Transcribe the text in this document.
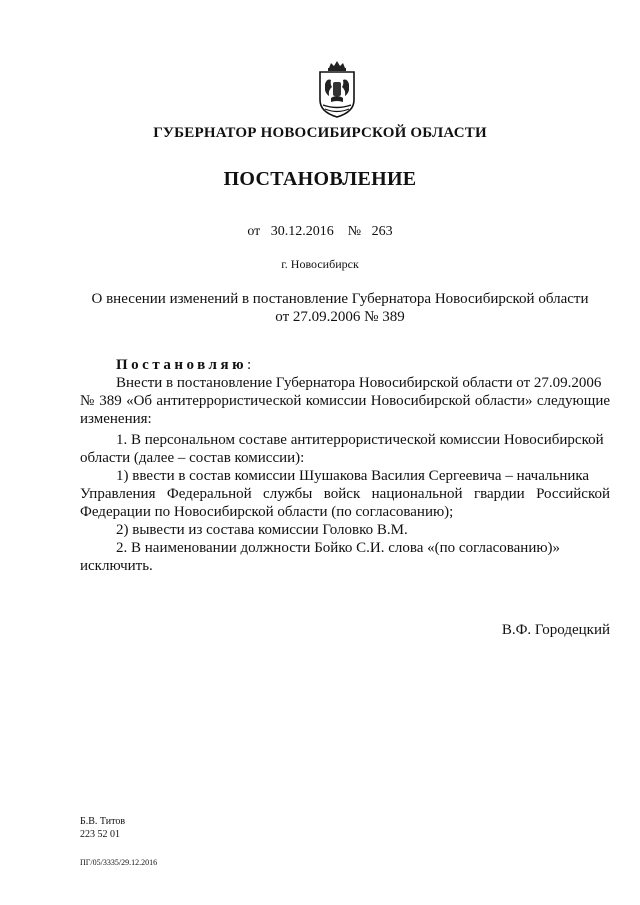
ГУБЕРНАТОР НОВОСИБИРСКОЙ ОБЛАСТИ
ПОСТАНОВЛЕНИЕ
от 30.12.2016 № 263
г. Новосибирск
О внесении изменений в постановление Губернатора Новосибирской области
от 27.09.2006 № 389
Постановляю:
Внести в постановление Губернатора Новосибирской области от 27.09.2006
№ 389 «Об антитеррористической комиссии Новосибирской области» следующие
изменения:
1. В персональном составе антитеррористической комиссии Новосибирской
области (далее – состав комиссии):
1) ввести в состав комиссии Шушакова Василия Сергеевича – начальника
Управления Федеральной службы войск национальной гвардии Российской
Федерации по Новосибирской области (по согласованию);
2) вывести из состава комиссии Головко В.М.
2. В наименовании должности Бойко С.И. слова «(по согласованию)»
исключить.
В.Ф. Городецкий
Б.В. Титов
223 52 01
ПГ/05/3335/29.12.2016
